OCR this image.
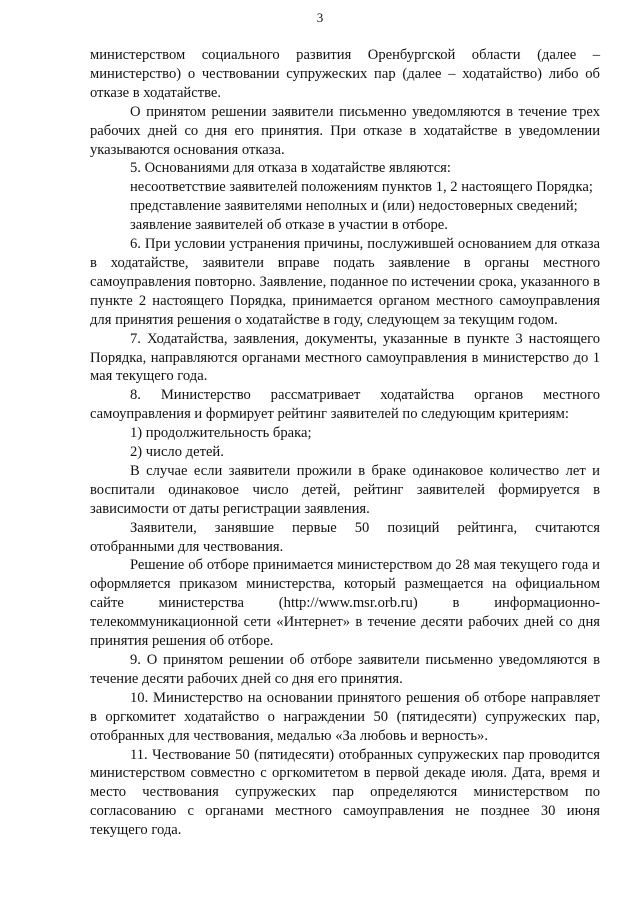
3

министерством социального развития Оренбургской области (далее – министерство) о чествовании супружеских пар (далее – ходатайство) либо об отказе в ходатайстве.

О принятом решении заявители письменно уведомляются в течение трех рабочих дней со дня его принятия. При отказе в ходатайстве в уведомлении указываются основания отказа.

5. Основаниями для отказа в ходатайстве являются:

несоответствие заявителей положениям пунктов 1, 2 настоящего Порядка;

представление заявителями неполных и (или) недостоверных сведений;

заявление заявителей об отказе в участии в отборе.

6. При условии устранения причины, послужившей основанием для отказа в ходатайстве, заявители вправе подать заявление в органы местного самоуправления повторно. Заявление, поданное по истечении срока, указанного в пункте 2 настоящего Порядка, принимается органом местного самоуправления для принятия решения о ходатайстве в году, следующем за текущим годом.

7. Ходатайства, заявления, документы, указанные в пункте 3 настоящего Порядка, направляются органами местного самоуправления в министерство до 1 мая текущего года.

8. Министерство рассматривает ходатайства органов местного самоуправления и формирует рейтинг заявителей по следующим критериям:

1) продолжительность брака;

2) число детей.

В случае если заявители прожили в браке одинаковое количество лет и воспитали одинаковое число детей, рейтинг заявителей формируется в зависимости от даты регистрации заявления.

Заявители, занявшие первые 50 позиций рейтинга, считаются отобранными для чествования.

Решение об отборе принимается министерством до 28 мая текущего года и оформляется приказом министерства, который размещается на официальном сайте министерства (http://www.msr.orb.ru) в информационно-телекоммуникационной сети «Интернет» в течение десяти рабочих дней со дня принятия решения об отборе.

9. О принятом решении об отборе заявители письменно уведомляются в течение десяти рабочих дней со дня его принятия.

10. Министерство на основании принятого решения об отборе направляет в оргкомитет ходатайство о награждении 50 (пятидесяти) супружеских пар, отобранных для чествования, медалью «За любовь и верность».

11. Чествование 50 (пятидесяти) отобранных супружеских пар проводится министерством совместно с оргкомитетом в первой декаде июля. Дата, время и место чествования супружеских пар определяются министерством по согласованию с органами местного самоуправления не позднее 30 июня текущего года.
